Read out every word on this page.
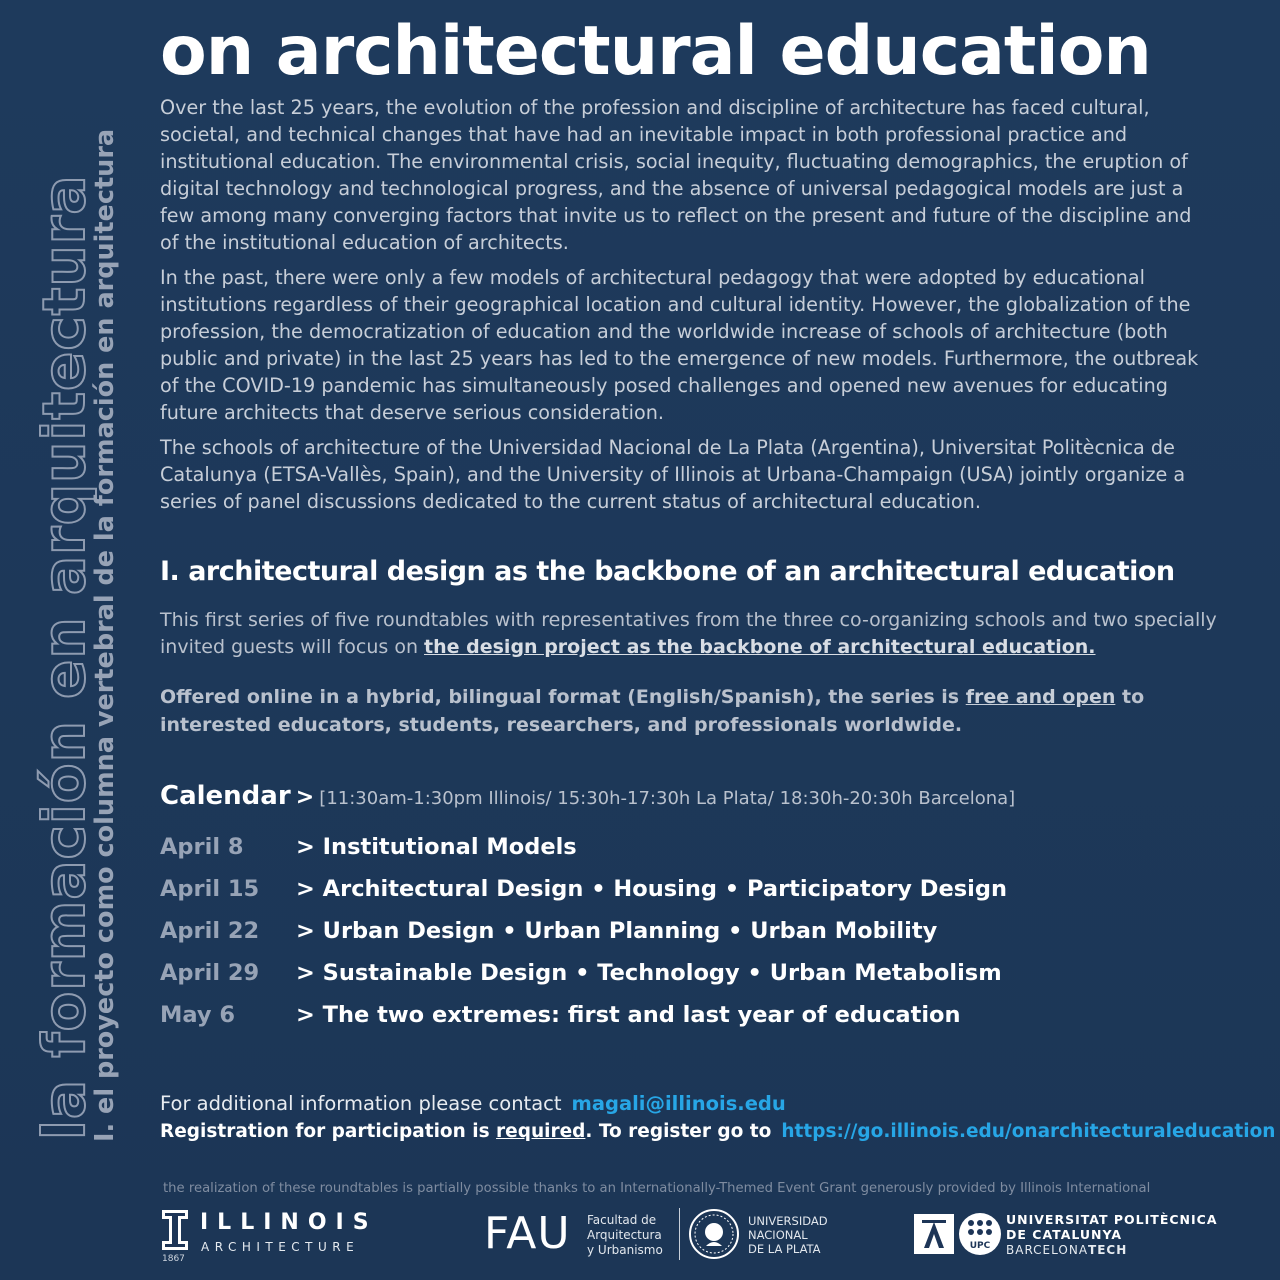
la formación en arquitectura
I. el proyecto como columna vertebral de la formación en arquitectura
on architectural education

Over the last 25 years, the evolution of the profession and discipline of architecture has faced cultural, societal, and technical changes that have had an inevitable impact in both professional practice and institutional education. The environmental crisis, social inequity, fluctuating demographics, the eruption of digital technology and technological progress, and the absence of universal pedagogical models are just a few among many converging factors that invite us to reflect on the present and future of the discipline and of the institutional education of architects.

In the past, there were only a few models of architectural pedagogy that were adopted by educational institutions regardless of their geographical location and cultural identity. However, the globalization of the profession, the democratization of education and the worldwide increase of schools of architecture (both public and private) in the last 25 years has led to the emergence of new models. Furthermore, the outbreak of the COVID-19 pandemic has simultaneously posed challenges and opened new avenues for educating future architects that deserve serious consideration.

The schools of architecture of the Universidad Nacional de La Plata (Argentina), Universitat Politècnica de Catalunya (ETSA-Vallès, Spain), and the University of Illinois at Urbana-Champaign (USA) jointly organize a series of panel discussions dedicated to the current status of architectural education.

I. architectural design as the backbone of an architectural education

This first series of five roundtables with representatives from the three co-organizing schools and two specially invited guests will focus on the design project as the backbone of architectural education.

Offered online in a hybrid, bilingual format (English/Spanish), the series is free and open to interested educators, students, researchers, and professionals worldwide.

Calendar > [11:30am-1:30pm Illinois/ 15:30h-17:30h La Plata/ 18:30h-20:30h Barcelona]
April 8 > Institutional Models
April 15 > Architectural Design • Housing • Participatory Design
April 22 > Urban Design • Urban Planning • Urban Mobility
April 29 > Sustainable Design • Technology • Urban Metabolism
May 6	> The two extremes: first and last year of education
For additional information please contact magali@illinois.edu
Registration for participation is required. To register go to https://go.illinois.edu/onarchitecturaleducation
the realization of these roundtables is partially possible thanks to an Internationally-Themed Event Grant generously provided by Illinois International
1867
ILLINOIS
ARCHITECTURE	FAU Facultad de
Arquitectura
y Urbanismo
UNIVERSIDAD
NACIONAL
DE LA PLATA	UPC
UNIVERSITAT POLITÈCNICA
DE CATALUNYA
BARCELONATECH
